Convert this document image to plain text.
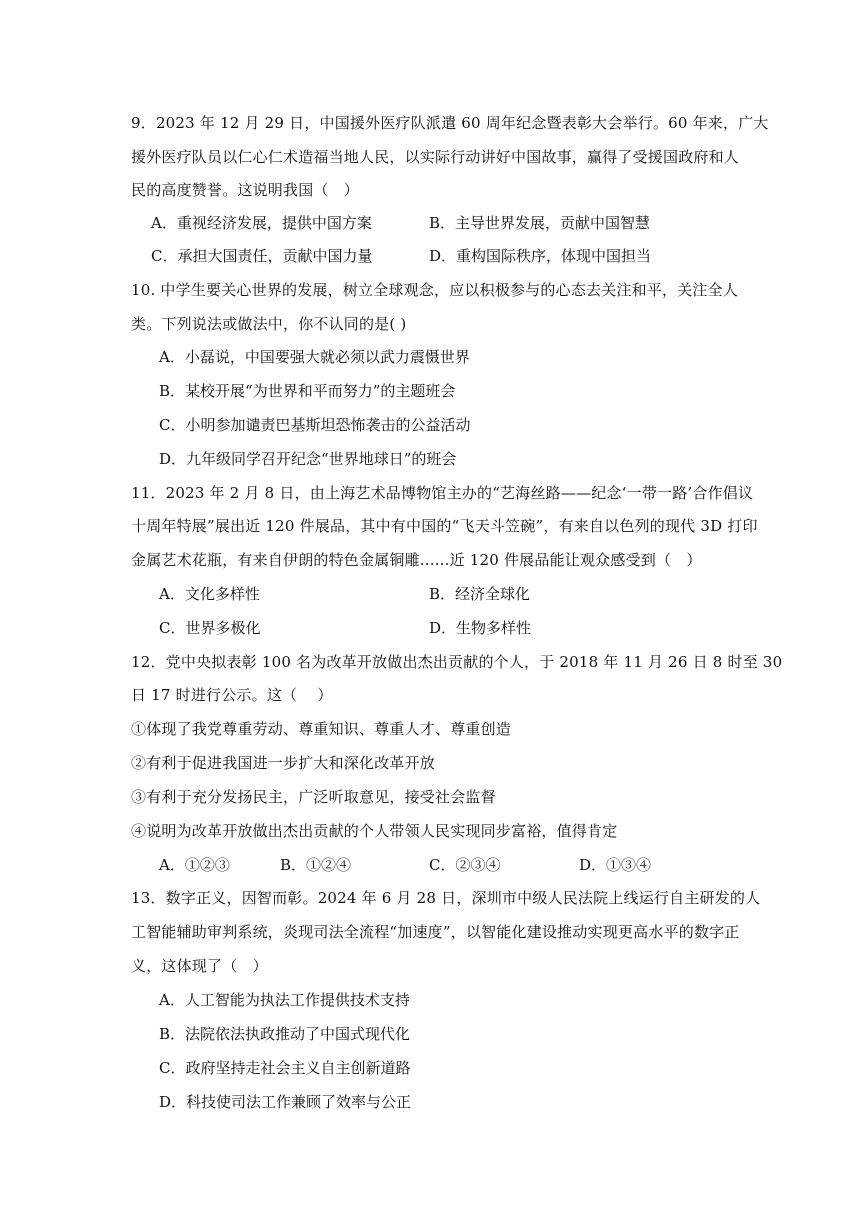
9．2023 年 12 月 29 日，中国援外医疗队派遣 60 周年纪念暨表彰大会举行。60 年来，广大
援外医疗队员以仁心仁术造福当地人民，以实际行动讲好中国故事，赢得了受援国政府和人
民的高度赞誉。这说明我国（　）
A．重视经济发展，提供中国方案	B．主导世界发展，贡献中国智慧
C．承担大国责任，贡献中国力量	D．重构国际秩序，体现中国担当
10. 中学生要关心世界的发展，树立全球观念，应以积极参与的心态去关注和平，关注全人
类。下列说法或做法中，你不认同的是( )
A．小磊说，中国要强大就必须以武力震慑世界
B．某校开展“为世界和平而努力”的主题班会
C．小明参加谴责巴基斯坦恐怖袭击的公益活动
D．九年级同学召开纪念“世界地球日”的班会
11．2023 年 2 月 8 日，由上海艺术品博物馆主办的“艺海丝路——纪念‘一带一路’合作倡议
十周年特展”展出近 120 件展品，其中有中国的“飞天斗笠碗”，有来自以色列的现代 3D 打印
金属艺术花瓶，有来自伊朗的特色金属铜雕......近 120 件展品能让观众感受到（　）
A．文化多样性	B．经济全球化
C．世界多极化	D．生物多样性
12．党中央拟表彰 100 名为改革开放做出杰出贡献的个人，于 2018 年 11 月 26 日 8 时至 30
日 17 时进行公示。这（　 ）
①体现了我党尊重劳动、尊重知识、尊重人才、尊重创造
②有利于促进我国进一步扩大和深化改革开放
③有利于充分发扬民主，广泛听取意见，接受社会监督
④说明为改革开放做出杰出贡献的个人带领人民实现同步富裕，值得肯定
A．①②③	B．①②④	C．②③④	D．①③④
13．数字正义，因智而彰。2024 年 6 月 28 日，深圳市中级人民法院上线运行自主研发的人
工智能辅助审判系统，炎现司法全流程“加速度”，以智能化建设推动实现更高水平的数字正
义，这体现了（　）
A．人工智能为执法工作提供技术支持
B．法院依法执政推动了中国式现代化
C．政府坚持走社会主义自主创新道路
D．科技使司法工作兼顾了效率与公正
